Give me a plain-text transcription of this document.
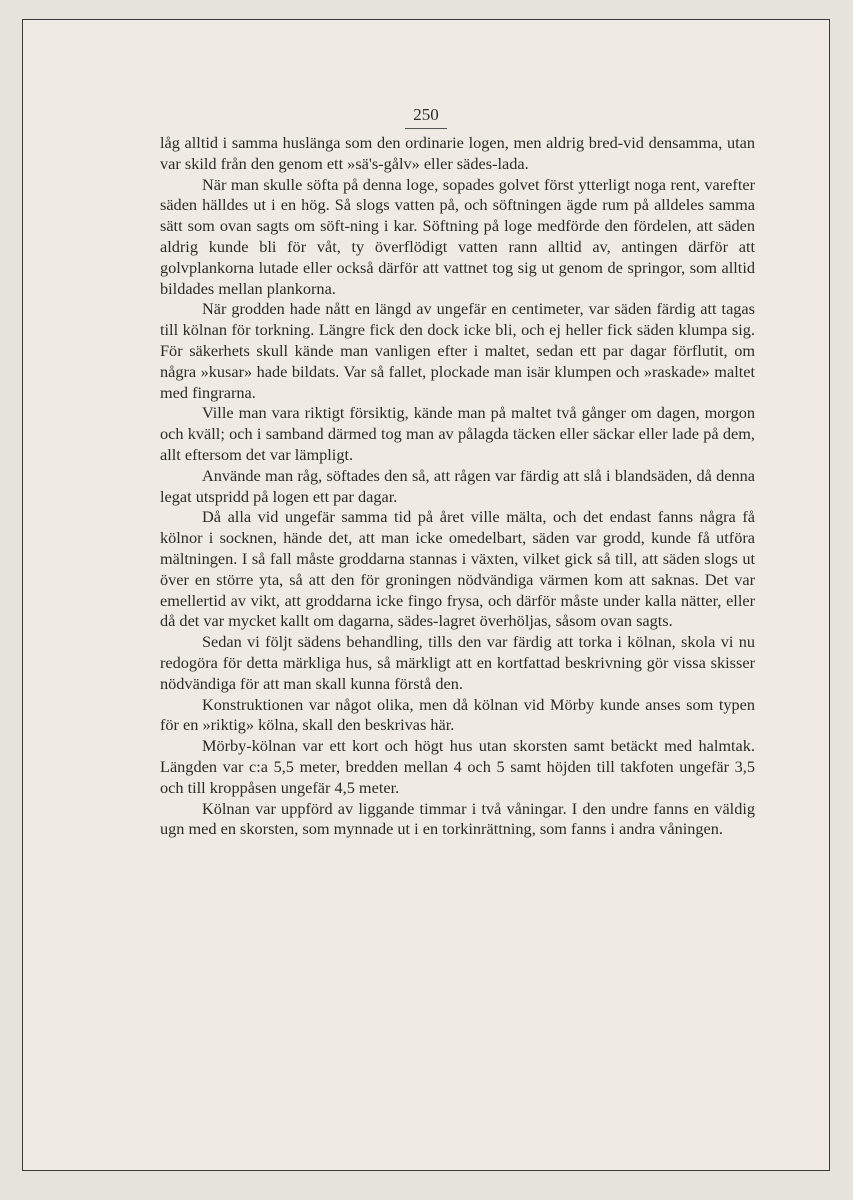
250

låg alltid i samma huslänga som den ordinarie logen, men aldrig bred-vid densamma, utan var skild från den genom ett »sä's-gålv» eller sädes-lada.

När man skulle söfta på denna loge, sopades golvet först ytterligt noga rent, varefter säden hälldes ut i en hög. Så slogs vatten på, och söftningen ägde rum på alldeles samma sätt som ovan sagts om söft-ning i kar. Söftning på loge medförde den fördelen, att säden aldrig kunde bli för våt, ty överflödigt vatten rann alltid av, antingen därför att golvplankorna lutade eller också därför att vattnet tog sig ut genom de springor, som alltid bildades mellan plankorna.

När grodden hade nått en längd av ungefär en centimeter, var säden färdig att tagas till kölnan för torkning. Längre fick den dock icke bli, och ej heller fick säden klumpa sig. För säkerhets skull kände man vanligen efter i maltet, sedan ett par dagar förflutit, om några »kusar» hade bildats. Var så fallet, plockade man isär klumpen och »raskade» maltet med fingrarna.

Ville man vara riktigt försiktig, kände man på maltet två gånger om dagen, morgon och kväll; och i samband därmed tog man av pålagda täcken eller säckar eller lade på dem, allt eftersom det var lämpligt.

Använde man råg, söftades den så, att rågen var färdig att slå i blandsäden, då denna legat utspridd på logen ett par dagar.

Då alla vid ungefär samma tid på året ville mälta, och det endast fanns några få kölnor i socknen, hände det, att man icke omedelbart, säden var grodd, kunde få utföra mältningen. I så fall måste groddarna stannas i växten, vilket gick så till, att säden slogs ut över en större yta, så att den för groningen nödvändiga värmen kom att saknas. Det var emellertid av vikt, att groddarna icke fingo frysa, och därför måste under kalla nätter, eller då det var mycket kallt om dagarna, sädes-lagret överhöljas, såsom ovan sagts.

Sedan vi följt sädens behandling, tills den var färdig att torka i kölnan, skola vi nu redogöra för detta märkliga hus, så märkligt att en kortfattad beskrivning gör vissa skisser nödvändiga för att man skall kunna förstå den.

Konstruktionen var något olika, men då kölnan vid Mörby kunde anses som typen för en »riktig» kölna, skall den beskrivas här.

Mörby-kölnan var ett kort och högt hus utan skorsten samt betäckt med halmtak. Längden var c:a 5,5 meter, bredden mellan 4 och 5 samt höjden till takfoten ungefär 3,5 och till kroppåsen ungefär 4,5 meter.

Kölnan var uppförd av liggande timmar i två våningar. I den undre fanns en väldig ugn med en skorsten, som mynnade ut i en torkinrättning, som fanns i andra våningen.
